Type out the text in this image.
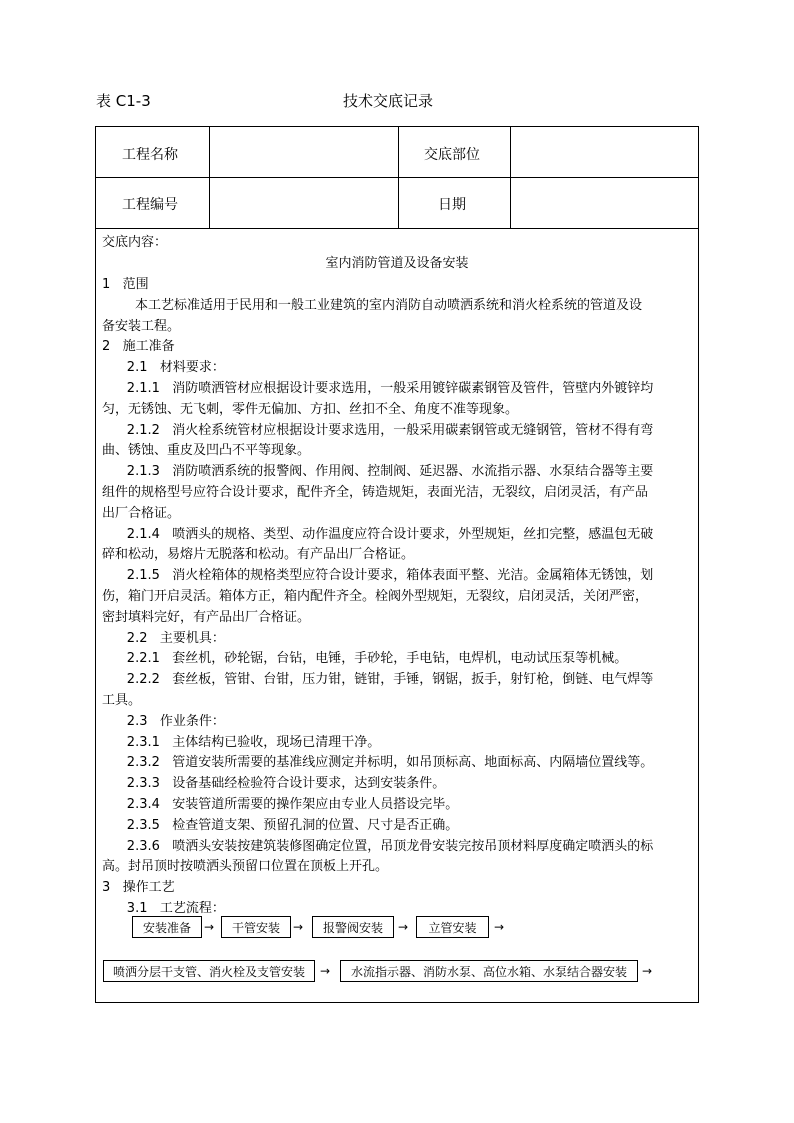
表 C1-3	技术交底记录
工程名称	交底部位
工程编号	日期
交底内容：
室内消防管道及设备安装
1   范围
本工艺标准适用于民用和一般工业建筑的室内消防自动喷洒系统和消火栓系统的管道及设
备安装工程。
2   施工准备
2.1   材料要求：
2.1.1   消防喷洒管材应根据设计要求选用，一般采用镀锌碳素钢管及管件，管壁内外镀锌均
匀，无锈蚀、无飞刺，零件无偏加、方扣、丝扣不全、角度不准等现象。
2.1.2   消火栓系统管材应根据设计要求选用，一般采用碳素钢管或无缝钢管，管材不得有弯
曲、锈蚀、重皮及凹凸不平等现象。
2.1.3   消防喷洒系统的报警阀、作用阀、控制阀、延迟器、水流指示器、水泵结合器等主要
组件的规格型号应符合设计要求，配件齐全，铸造规矩，表面光洁，无裂纹，启闭灵活，有产品
出厂合格证。
2.1.4   喷洒头的规格、类型、动作温度应符合设计要求，外型规矩，丝扣完整，感温包无破
碎和松动，易熔片无脱落和松动。有产品出厂合格证。
2.1.5   消火栓箱体的规格类型应符合设计要求，箱体表面平整、光洁。金属箱体无锈蚀，划
伤，箱门开启灵活。箱体方正，箱内配件齐全。栓阀外型规矩，无裂纹，启闭灵活，关闭严密，
密封填料完好，有产品出厂合格证。
2.2   主要机具：
2.2.1   套丝机，砂轮锯，台钻，电锤，手砂轮，手电钻，电焊机，电动试压泵等机械。
2.2.2   套丝板，管钳、台钳，压力钳，链钳，手锤，钢锯，扳手，射钉枪，倒链、电气焊等
工具。
2.3   作业条件：
2.3.1   主体结构已验收，现场已清理干净。
2.3.2   管道安装所需要的基准线应测定并标明，如吊顶标高、地面标高、内隔墙位置线等。
2.3.3   设备基础经检验符合设计要求，达到安装条件。
2.3.4   安装管道所需要的操作架应由专业人员搭设完毕。
2.3.5   检查管道支架、预留孔洞的位置、尺寸是否正确。
2.3.6   喷洒头安装按建筑装修图确定位置，吊顶龙骨安装完按吊顶材料厚度确定喷洒头的标
高。封吊顶时按喷洒头预留口位置在顶板上开孔。
3   操作工艺
3.1   工艺流程：
安装准备	→	干管安装	→	报警阀安装	→	立管安装	→
喷洒分层干支管、消火栓及支管安装	→	水流指示器、消防水泵、高位水箱、水泵结合器安装	→
